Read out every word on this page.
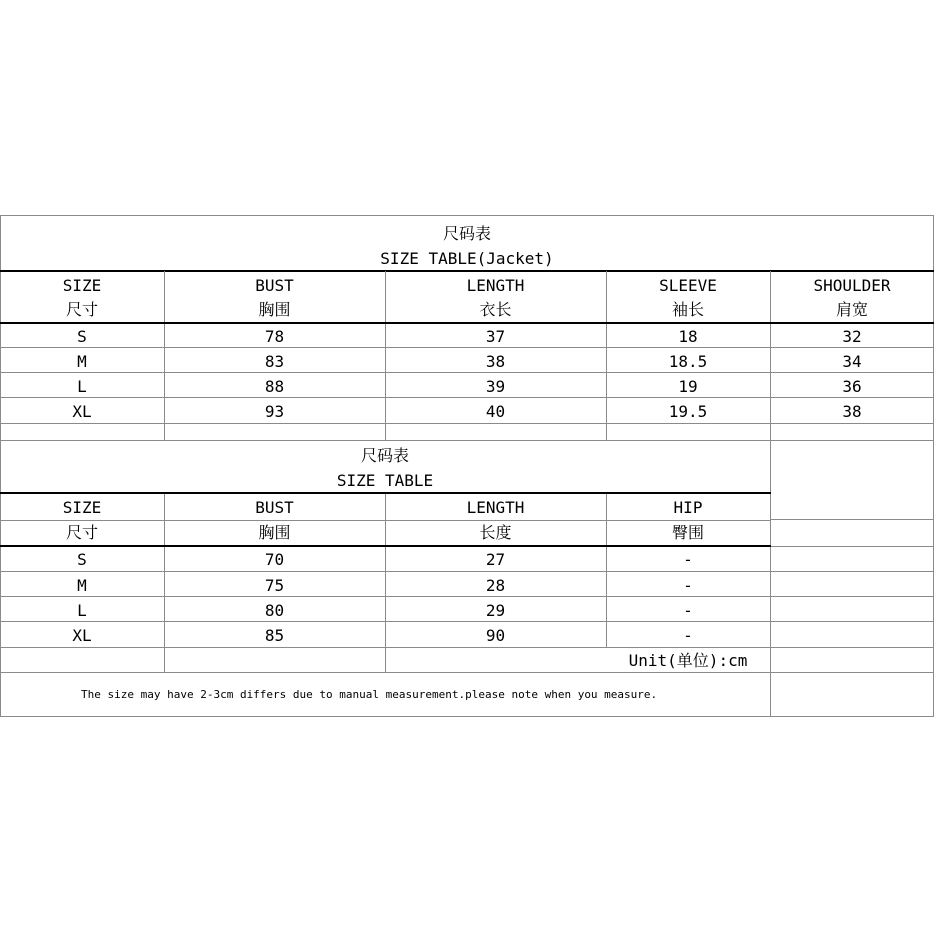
尺码表
SIZE TABLE(Jacket)
SIZE	BUST	LENGTH	SLEEVE	SHOULDER
尺寸	胸围	衣长	袖长	肩宽
S	78	37	18	32
M	83	38	18.5	34
L	88	39	19	36
XL	93	40	19.5	38
尺码表
SIZE TABLE
SIZE	BUST	LENGTH	HIP
尺寸	胸围	长度	臀围
S	70	27	-
M	75	28	-
L	80	29	-
XL	85	90	-
Unit(单位):cm
The size may have 2-3cm differs due to manual measurement.please note when you measure.
